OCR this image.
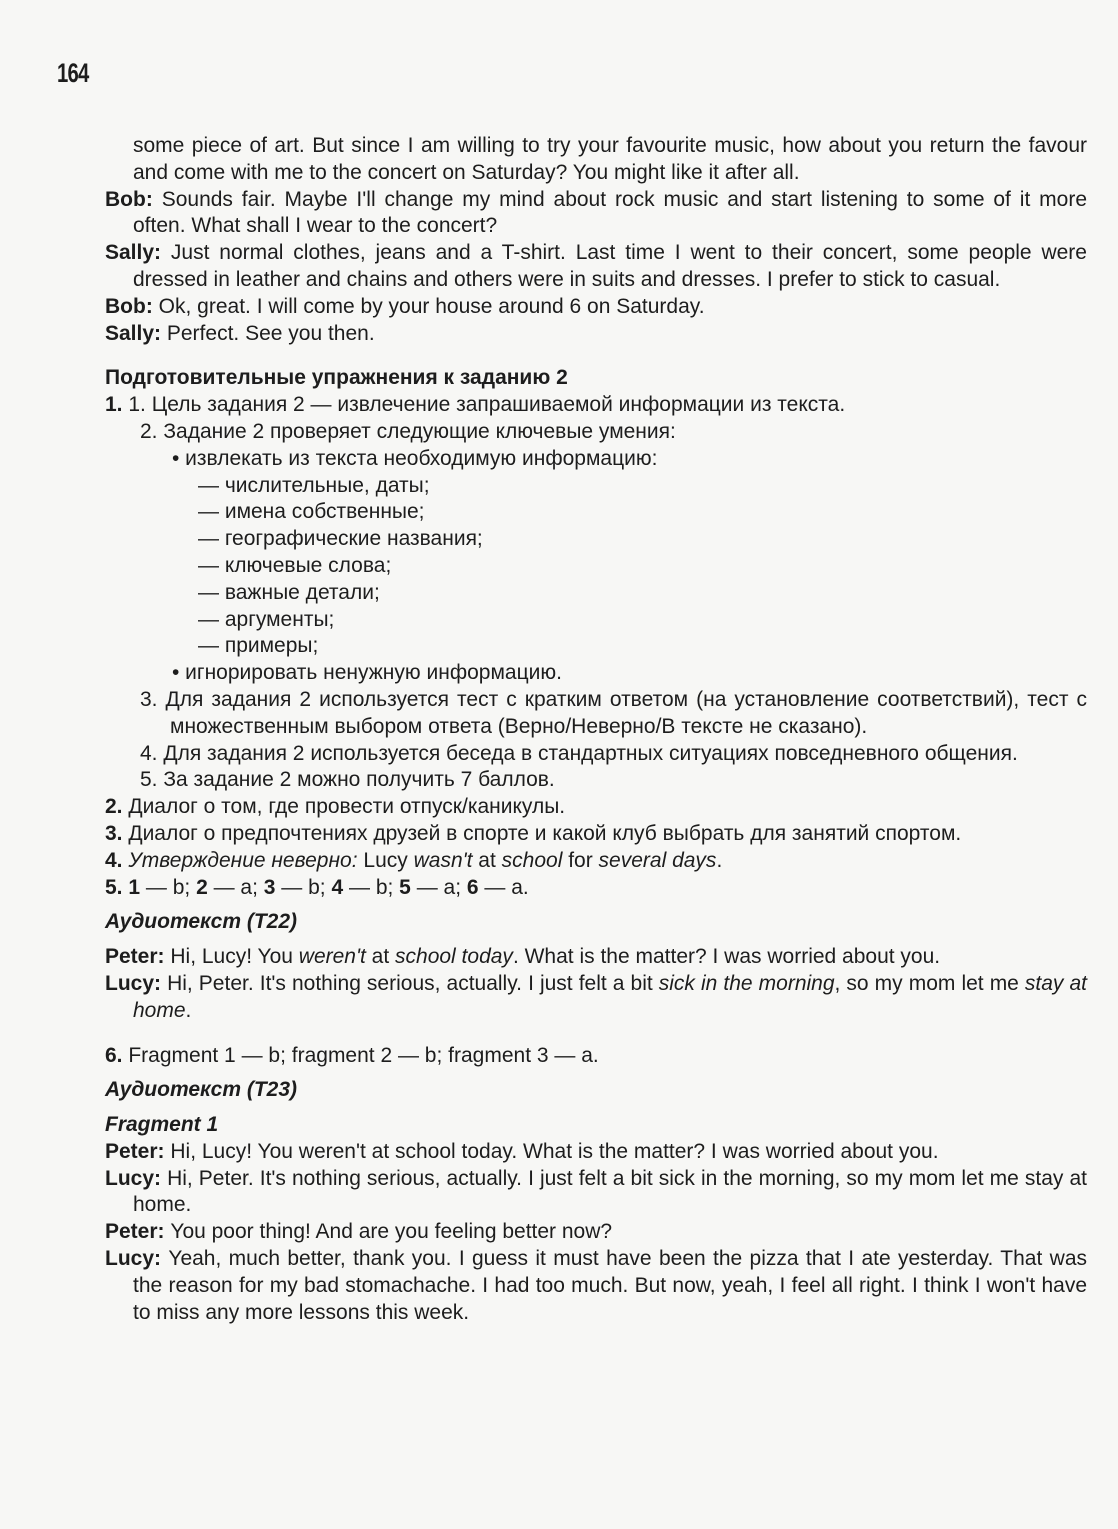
164
some piece of art. But since I am willing to try your favourite music, how about you return the favour and come with me to the concert on Saturday? You might like it after all.
Bob: Sounds fair. Maybe I'll change my mind about rock music and start listening to some of it more often. What shall I wear to the concert?
Sally: Just normal clothes, jeans and a T-shirt. Last time I went to their concert, some people were dressed in leather and chains and others were in suits and dresses. I prefer to stick to casual.
Bob: Ok, great. I will come by your house around 6 on Saturday.
Sally: Perfect. See you then.
Подготовительные упражнения к заданию 2
1. 1. Цель задания 2 — извлечение запрашиваемой информации из текста.
2. Задание 2 проверяет следующие ключевые умения:
• извлекать из текста необходимую информацию:
— числительные, даты;
— имена собственные;
— географические названия;
— ключевые слова;
— важные детали;
— аргументы;
— примеры;
• игнорировать ненужную информацию.
3. Для задания 2 используется тест с кратким ответом (на установление соответствий), тест с множественным выбором ответа (Верно/Неверно/В тексте не сказано).
4. Для задания 2 используется беседа в стандартных ситуациях повседневного общения.
5. За задание 2 можно получить 7 баллов.
2. Диалог о том, где провести отпуск/каникулы.
3. Диалог о предпочтениях друзей в спорте и какой клуб выбрать для занятий спортом.
4. Утверждение неверно: Lucy wasn't at school for several days.
5. 1 — b; 2 — a; 3 — b; 4 — b; 5 — a; 6 — a.
Аудиотекст (T22)
Peter: Hi, Lucy! You weren't at school today. What is the matter? I was worried about you.
Lucy: Hi, Peter. It's nothing serious, actually. I just felt a bit sick in the morning, so my mom let me stay at home.
6. Fragment 1 — b; fragment 2 — b; fragment 3 — a.
Аудиотекст (T23)
Fragment 1
Peter: Hi, Lucy! You weren't at school today. What is the matter? I was worried about you.
Lucy: Hi, Peter. It's nothing serious, actually. I just felt a bit sick in the morning, so my mom let me stay at home.
Peter: You poor thing! And are you feeling better now?
Lucy: Yeah, much better, thank you. I guess it must have been the pizza that I ate yesterday. That was the reason for my bad stomachache. I had too much. But now, yeah, I feel all right. I think I won't have to miss any more lessons this week.
